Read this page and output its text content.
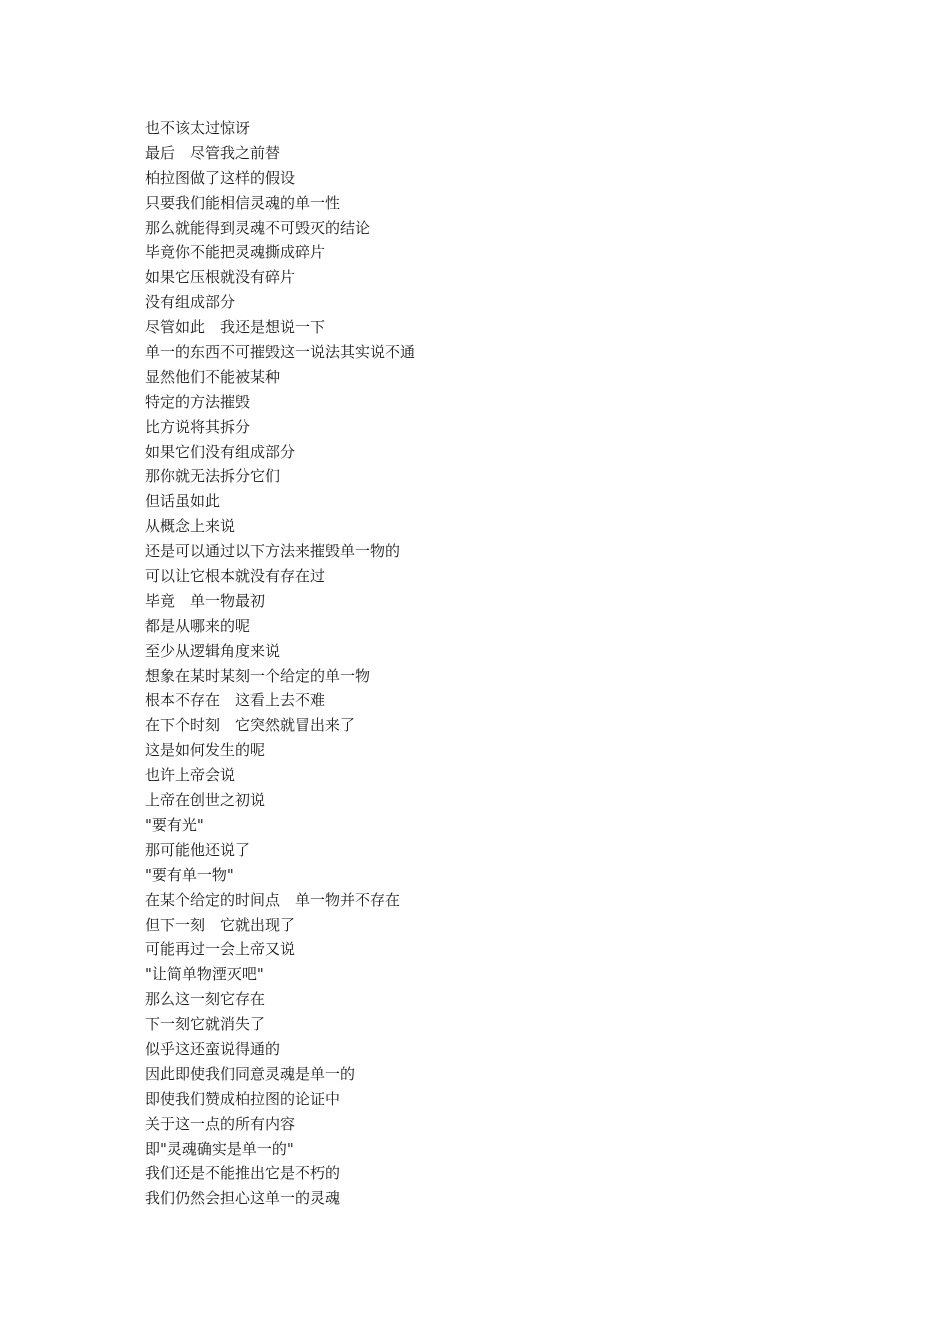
也不该太过惊讶
最后　尽管我之前替
柏拉图做了这样的假设
只要我们能相信灵魂的单一性
那么就能得到灵魂不可毁灭的结论
毕竟你不能把灵魂撕成碎片
如果它压根就没有碎片
没有组成部分
尽管如此　我还是想说一下
单一的东西不可摧毁这一说法其实说不通
显然他们不能被某种
特定的方法摧毁
比方说将其拆分
如果它们没有组成部分
那你就无法拆分它们
但话虽如此
从概念上来说
还是可以通过以下方法来摧毁单一物的
可以让它根本就没有存在过
毕竟　单一物最初
都是从哪来的呢
至少从逻辑角度来说
想象在某时某刻一个给定的单一物
根本不存在　这看上去不难
在下个时刻　它突然就冒出来了
这是如何发生的呢
也许上帝会说
上帝在创世之初说
"要有光"
那可能他还说了
"要有单一物"
在某个给定的时间点　单一物并不存在
但下一刻　它就出现了
可能再过一会上帝又说
"让简单物湮灭吧"
那么这一刻它存在
下一刻它就消失了
似乎这还蛮说得通的
因此即使我们同意灵魂是单一的
即使我们赞成柏拉图的论证中
关于这一点的所有内容
即"灵魂确实是单一的"
我们还是不能推出它是不朽的
我们仍然会担心这单一的灵魂
